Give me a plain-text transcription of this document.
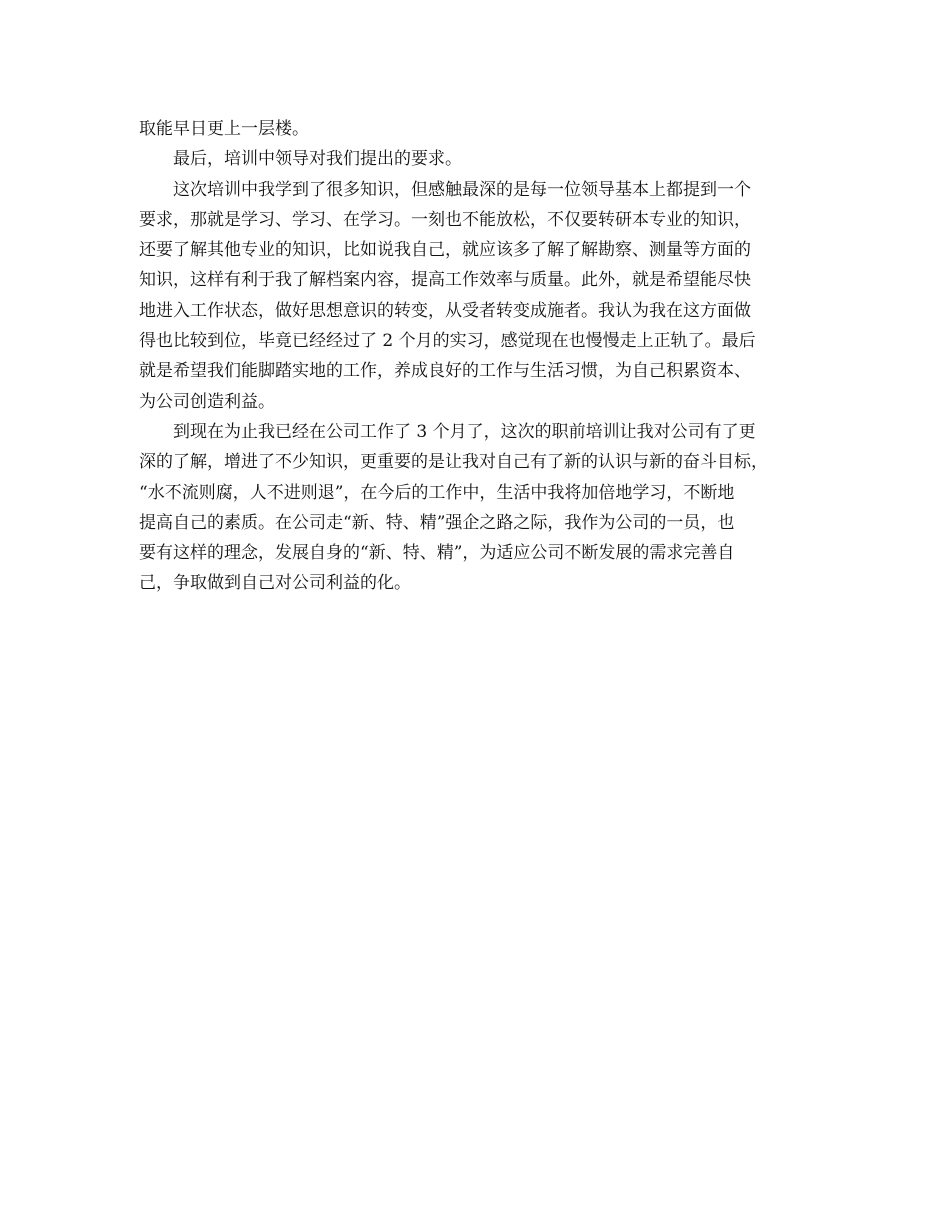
取能早日更上一层楼。
最后，培训中领导对我们提出的要求。
这次培训中我学到了很多知识，但感触最深的是每一位领导基本上都提到一个
要求，那就是学习、学习、在学习。一刻也不能放松，不仅要转研本专业的知识，
还要了解其他专业的知识，比如说我自己，就应该多了解了解勘察、测量等方面的
知识，这样有利于我了解档案内容，提高工作效率与质量。此外，就是希望能尽快
地进入工作状态，做好思想意识的转变，从受者转变成施者。我认为我在这方面做
得也比较到位，毕竟已经经过了 2 个月的实习，感觉现在也慢慢走上正轨了。最后
就是希望我们能脚踏实地的工作，养成良好的工作与生活习惯，为自己积累资本、
为公司创造利益。
到现在为止我已经在公司工作了 3 个月了，这次的职前培训让我对公司有了更
深的了解，增进了不少知识，更重要的是让我对自己有了新的认识与新的奋斗目标，
“水不流则腐，人不进则退”，在今后的工作中，生活中我将加倍地学习，不断地
提高自己的素质。在公司走“新、特、精”强企之路之际，我作为公司的一员，也
要有这样的理念，发展自身的“新、特、精”，为适应公司不断发展的需求完善自
己，争取做到自己对公司利益的化。
